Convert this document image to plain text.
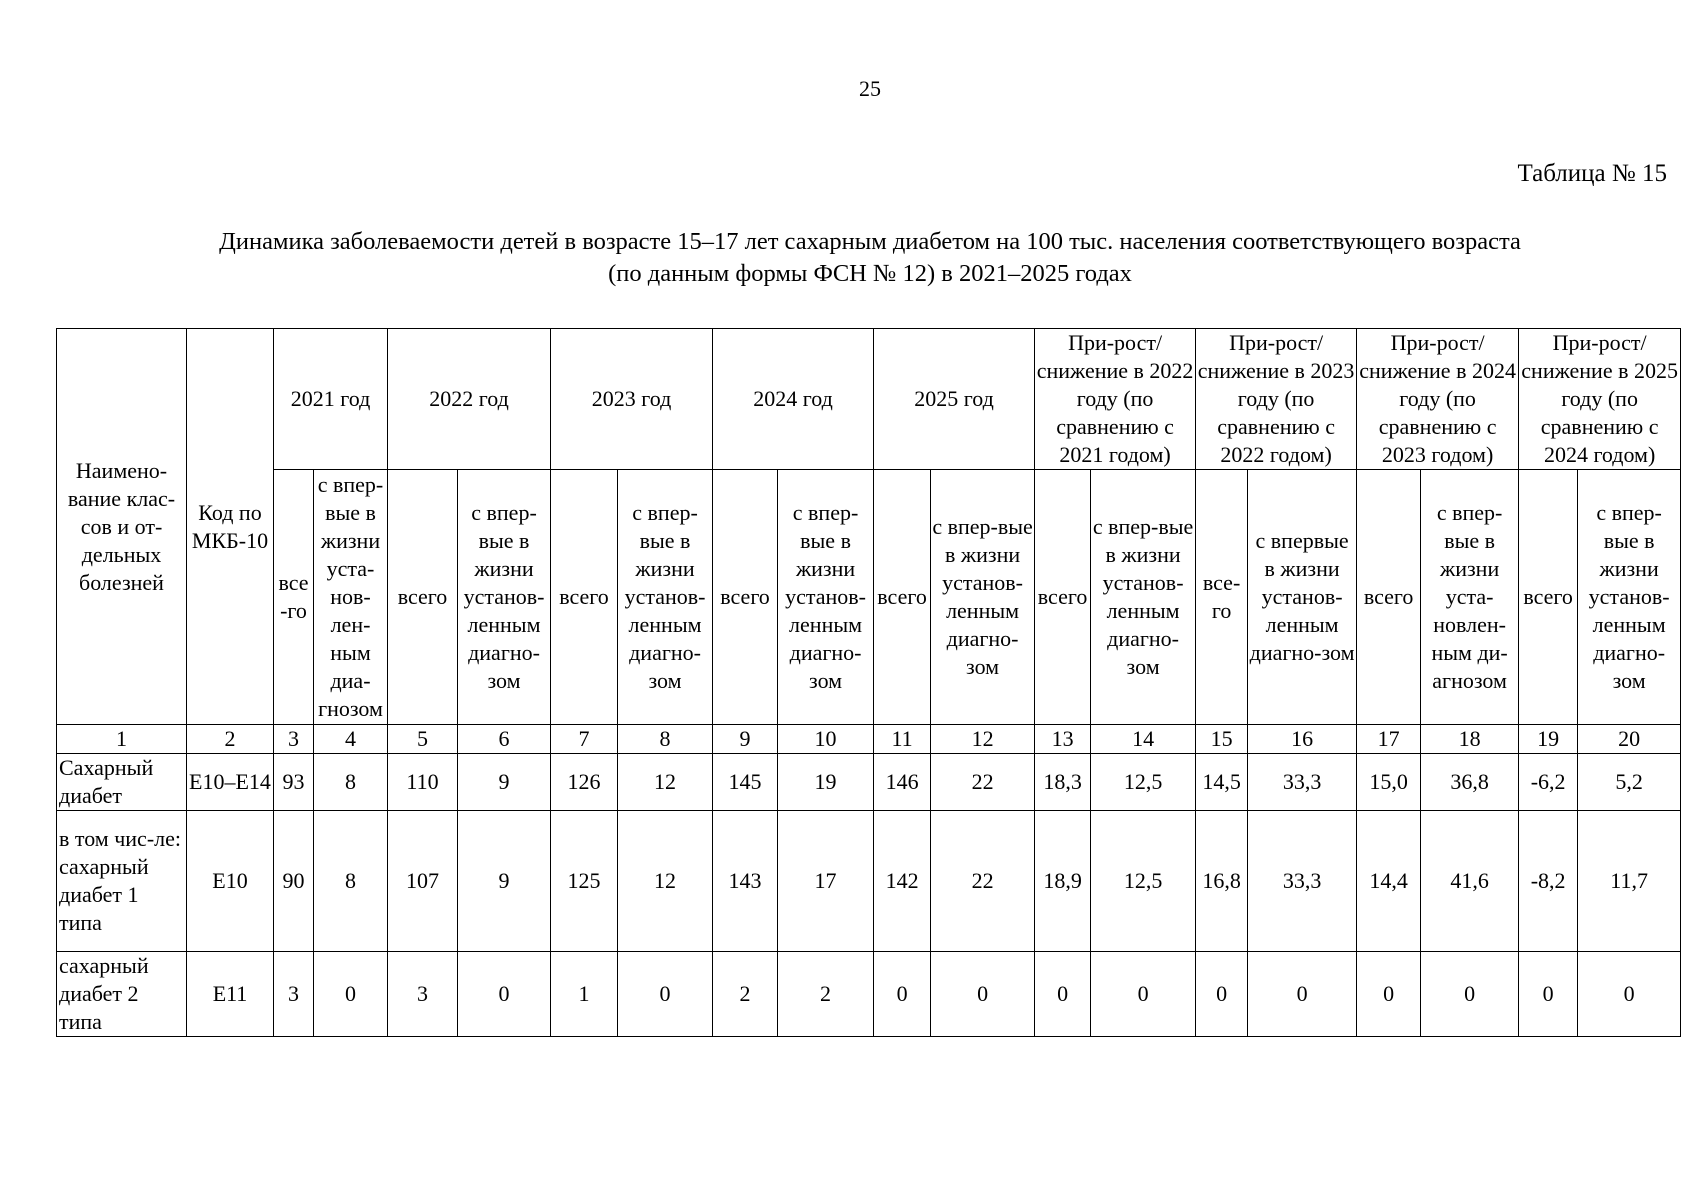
25
Таблица № 15
Динамика заболеваемости детей в возрасте 15–17 лет сахарным диабетом на 100 тыс. населения соответствующего возраста
(по данным формы ФСН № 12) в 2021–2025 годах
Наимено-вание клас-сов и от-дельных болезней	Код по МКБ-10	2021 год		2022 год		2023 год		2024 год		2025 год		При-рост/снижение в 2022 году (по сравнению с 2021 годом)		При-рост/снижение в 2023 году (по сравнению с 2022 годом)		При-рост/снижение в 2024 году (по сравнению с 2023 годом)		При-рост/снижение в 2025 году (по сравнению с 2024 годом)	
		все-го	с впер-вые в жизни уста-нов-лен-ным диа-гнозом	всего	с впер-вые в жизни установ-ленным диагно-зом	всего	с впер-вые в жизни установ-ленным диагно-зом	всего	с впер-вые в жизни установ-ленным диагно-зом	всего	с впер-вые в жизни установ-ленным диагно-зом	всего	с впер-вые в жизни установ-ленным диагно-зом	все-го	с впервые в жизни установ-ленным диагно-зом	всего	с впер-вые в жизни уста-новлен-ным ди-агнозом	всего	с впер-вые в жизни установ-ленным диагно-зом
1	2	3	4	5	6	7	8	9	10	11	12	13	14	15	16	17	18	19	20
Сахарный диабет	E10–E14	93	8	110	9	126	12	145	19	146	22	18,3	12,5	14,5	33,3	15,0	36,8	-6,2	5,2
в том чис-ле: сахарный диабет 1 типа	E10	90	8	107	9	125	12	143	17	142	22	18,9	12,5	16,8	33,3	14,4	41,6	-8,2	11,7
сахарный диабет 2 типа	E11	3	0	3	0	1	0	2	2	0	0	0	0	0	0	0	0	0	0
